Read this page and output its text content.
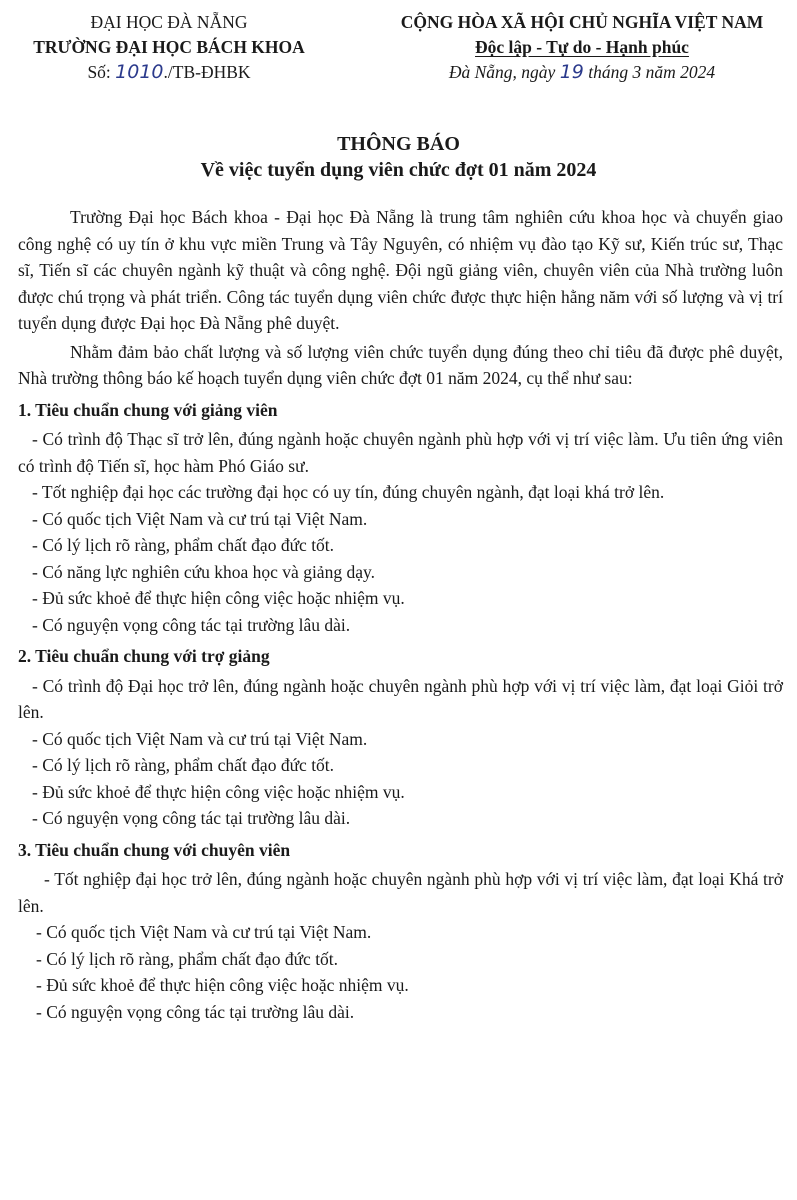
ĐẠI HỌC ĐÀ NẴNG
TRƯỜNG ĐẠI HỌC BÁCH KHOA
Số: 1010./TB-ĐHBK
CỘNG HÒA XÃ HỘI CHỦ NGHĨA VIỆT NAM
Độc lập - Tự do - Hạnh phúc
Đà Nẵng, ngày 19 tháng 3 năm 2024
THÔNG BÁO
Về việc tuyển dụng viên chức đợt 01 năm 2024

Trường Đại học Bách khoa - Đại học Đà Nẵng là trung tâm nghiên cứu khoa học và chuyển giao công nghệ có uy tín ở khu vực miền Trung và Tây Nguyên, có nhiệm vụ đào tạo Kỹ sư, Kiến trúc sư, Thạc sĩ, Tiến sĩ các chuyên ngành kỹ thuật và công nghệ. Đội ngũ giảng viên, chuyên viên của Nhà trường luôn được chú trọng và phát triển. Công tác tuyển dụng viên chức được thực hiện hằng năm với số lượng và vị trí tuyển dụng được Đại học Đà Nẵng phê duyệt.

Nhằm đảm bảo chất lượng và số lượng viên chức tuyển dụng đúng theo chỉ tiêu đã được phê duyệt, Nhà trường thông báo kế hoạch tuyển dụng viên chức đợt 01 năm 2024, cụ thể như sau:

1. Tiêu chuẩn chung với giảng viên

- Có trình độ Thạc sĩ trở lên, đúng ngành hoặc chuyên ngành phù hợp với vị trí việc làm. Ưu tiên ứng viên có trình độ Tiến sĩ, học hàm Phó Giáo sư.

- Tốt nghiệp đại học các trường đại học có uy tín, đúng chuyên ngành, đạt loại khá trở lên.

- Có quốc tịch Việt Nam và cư trú tại Việt Nam.

- Có lý lịch rõ ràng, phẩm chất đạo đức tốt.

- Có năng lực nghiên cứu khoa học và giảng dạy.

- Đủ sức khoẻ để thực hiện công việc hoặc nhiệm vụ.

- Có nguyện vọng công tác tại trường lâu dài.

2. Tiêu chuẩn chung với trợ giảng

- Có trình độ Đại học trở lên, đúng ngành hoặc chuyên ngành phù hợp với vị trí việc làm, đạt loại Giỏi trở lên.

- Có quốc tịch Việt Nam và cư trú tại Việt Nam.

- Có lý lịch rõ ràng, phẩm chất đạo đức tốt.

- Đủ sức khoẻ để thực hiện công việc hoặc nhiệm vụ.

- Có nguyện vọng công tác tại trường lâu dài.

3. Tiêu chuẩn chung với chuyên viên

- Tốt nghiệp đại học trở lên, đúng ngành hoặc chuyên ngành phù hợp với vị trí việc làm, đạt loại Khá trở lên.

- Có quốc tịch Việt Nam và cư trú tại Việt Nam.

- Có lý lịch rõ ràng, phẩm chất đạo đức tốt.

- Đủ sức khoẻ để thực hiện công việc hoặc nhiệm vụ.

- Có nguyện vọng công tác tại trường lâu dài.
